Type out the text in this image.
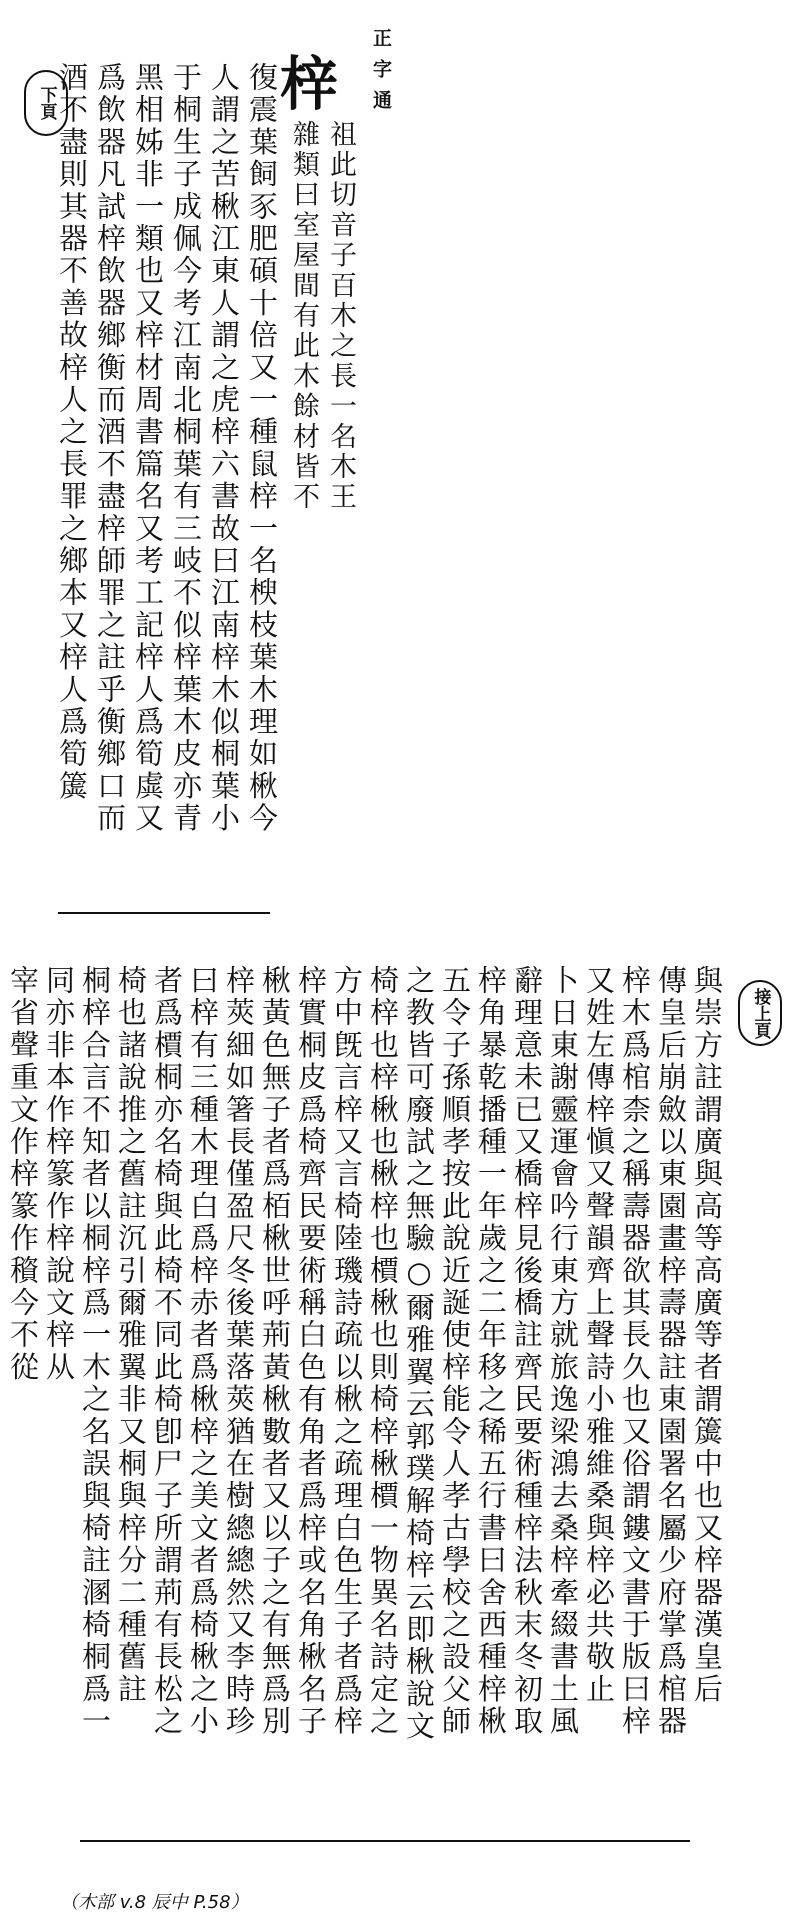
正字通
下頁	梓
祖此切音子百木之長一名木王
雜類曰室屋間有此木餘材皆不
復震葉飼豕肥碩十倍又一種鼠梓一名楰枝葉木理如楸今
人謂之苦楸江東人謂之虎梓六書故曰江南梓木似桐葉小
于桐生子成佩今考江南北桐葉有三岐不似梓葉木皮亦青
黑相姊非一類也又梓材周書篇名又考工記梓人爲筍虡又
爲飲器凡試梓飲器鄉衡而酒不盡梓師罪之註乎衡鄉口而
酒不盡則其器不善故梓人之長罪之鄉本又梓人爲筍簴
接上頁
與崇方註謂廣與高等高廣等者謂簴中也又梓器漢皇后
傳皇后崩斂以東園畫梓壽器註東園署名屬少府掌爲棺器
梓木爲棺柰之稱壽器欲其長久也又俗謂鏤文書于版曰梓
又姓左傳梓愼又聲韻齊上聲詩小雅維桑與梓必共敬止
卜日東謝靈運會吟行東方就旅逸梁鴻去桑梓牽綴書土風
辭理意未已又橋梓見後橋註齊民要術種梓法秋末冬初取
梓角暴乾播種一年歲之二年移之稀五行書曰舍西種梓楸
五令子孫順孝按此說近誕使梓能令人孝古學校之設父師
之教皆可廢試之無驗○爾雅翼云郭璞解椅梓云即楸說文
椅梓也梓楸也楸梓也檟楸也則椅梓楸檟一物異名詩定之
方中旣言梓又言椅陸璣詩疏以楸之疏理白色生子者爲梓
梓實桐皮爲椅齊民要術稱白色有角者爲梓或名角楸名子
楸黃色無子者爲栢楸世呼荊黃楸數者又以子之有無爲別
梓莢細如箸長僅盈尺冬後葉落莢猶在樹總總然又李時珍
曰梓有三種木理白爲梓赤者爲楸梓之美文者爲椅楸之小
者爲檟桐亦名椅與此椅不同此椅卽尸子所謂荊有長松之
椅也諸說推之舊註沉引爾雅翼非又桐與梓分二種舊註
桐梓合言不知者以桐梓爲一木之名誤與椅註溷椅桐爲一
同亦非本作梓篆作梓說文梓从
宰省聲重文作梓篆作䆅今不從
（木部 v.8 辰中 P.58）
